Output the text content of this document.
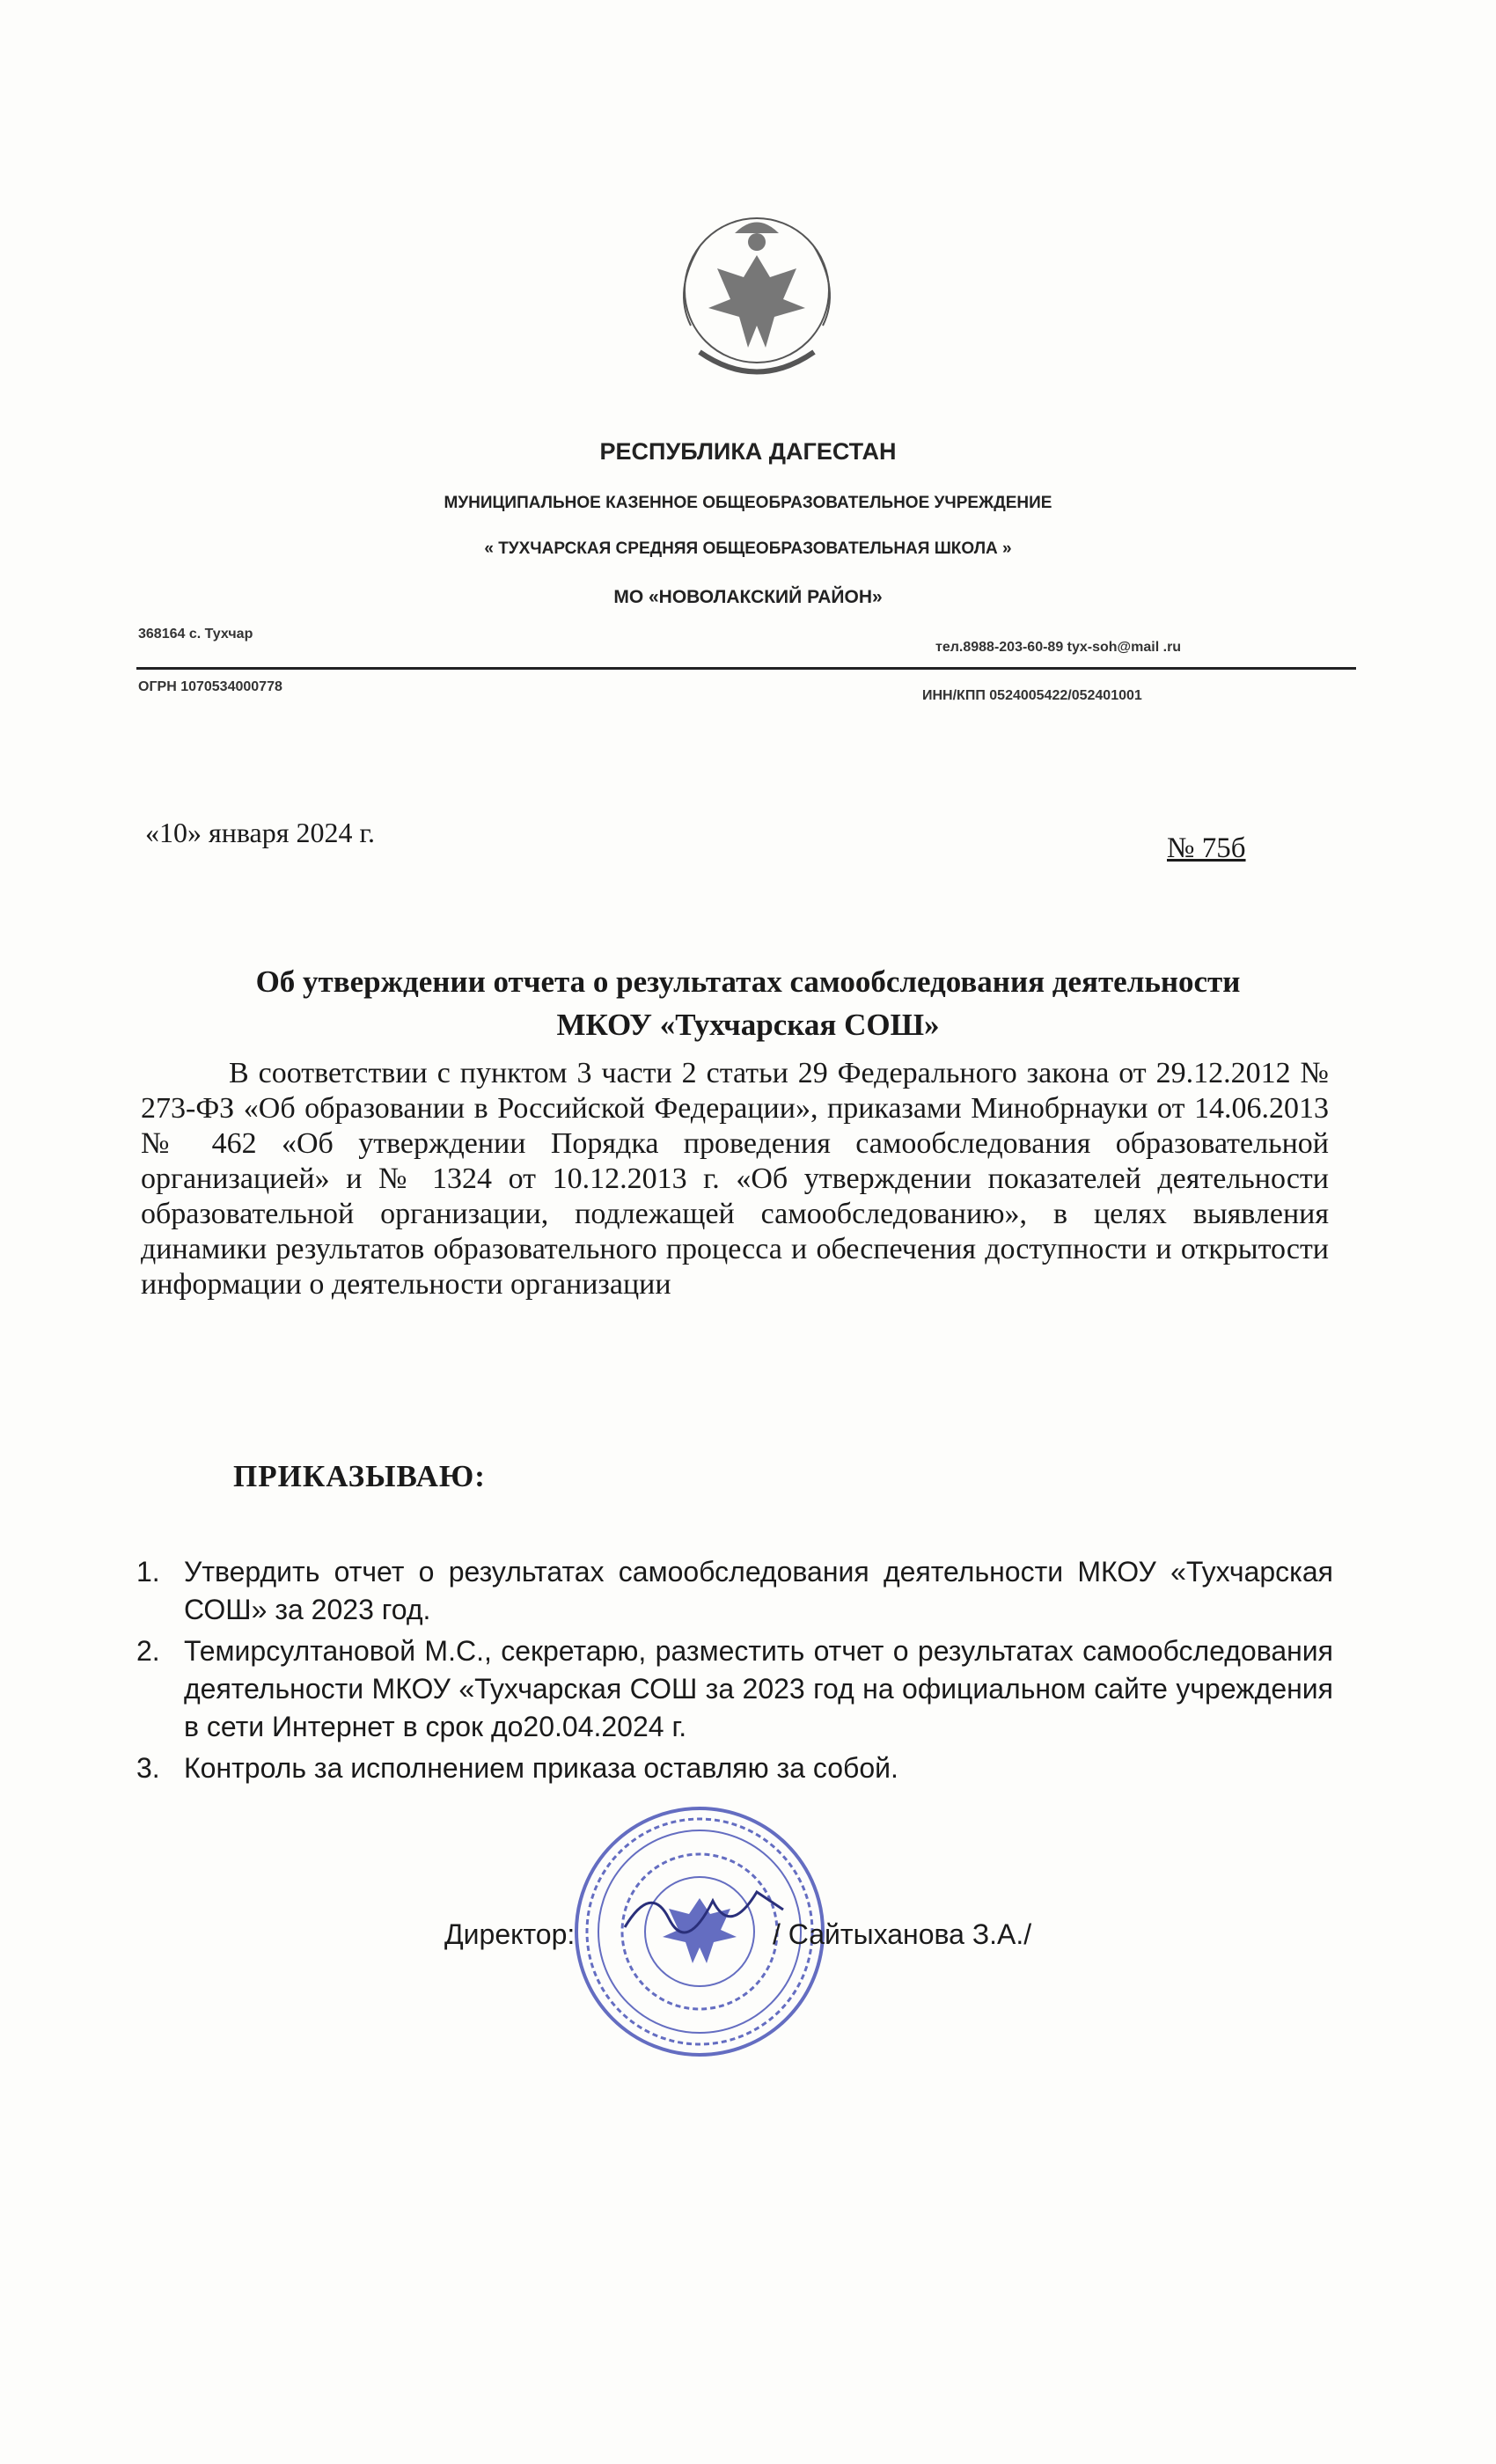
РЕСПУБЛИКА ДАГЕСТАН
МУНИЦИПАЛЬНОЕ КАЗЕННОЕ ОБЩЕОБРАЗОВАТЕЛЬНОЕ УЧРЕЖДЕНИЕ
« ТУХЧАРСКАЯ СРЕДНЯЯ ОБЩЕОБРАЗОВАТЕЛЬНАЯ ШКОЛА »
МО «НОВОЛАКСКИЙ РАЙОН»
368164 с. Тухчар
тел.8988-203-60-89 tyx-soh@mail .ru
ОГРН 1070534000778
ИНН/КПП 0524005422/052401001
«10» января 2024 г.	№ 75б
Об утверждении отчета о результатах самообследования деятельности
МКОУ «Тухчарская СОШ»
В соответствии с пунктом 3 части 2 статьи 29 Федерального закона от 29.12.2012 № 273-ФЗ «Об образовании в Российской Федерации», приказами Минобрнауки от 14.06.2013 № 462 «Об утверждении Порядка проведения самообследования образовательной организацией» и № 1324 от 10.12.2013 г. «Об утверждении показателей деятельности образовательной организации, подлежащей самообследованию», в целях выявления динамики результатов образовательного процесса и обеспечения доступности и открытости информации о деятельности организации
ПРИКАЗЫВАЮ:
1. Утвердить отчет о результатах самообследования деятельности МКОУ «Тухчарская СОШ» за 2023 год.
2. Темирсултановой М.С., секретарю, разместить отчет о результатах самообследования деятельности МКОУ «Тухчарская СОШ за 2023 год на официальном сайте учреждения в сети Интернет в срок до20.04.2024 г.
3. Контроль за исполнением приказа оставляю за собой.
Директор:	/ Сайтыханова З.А./
